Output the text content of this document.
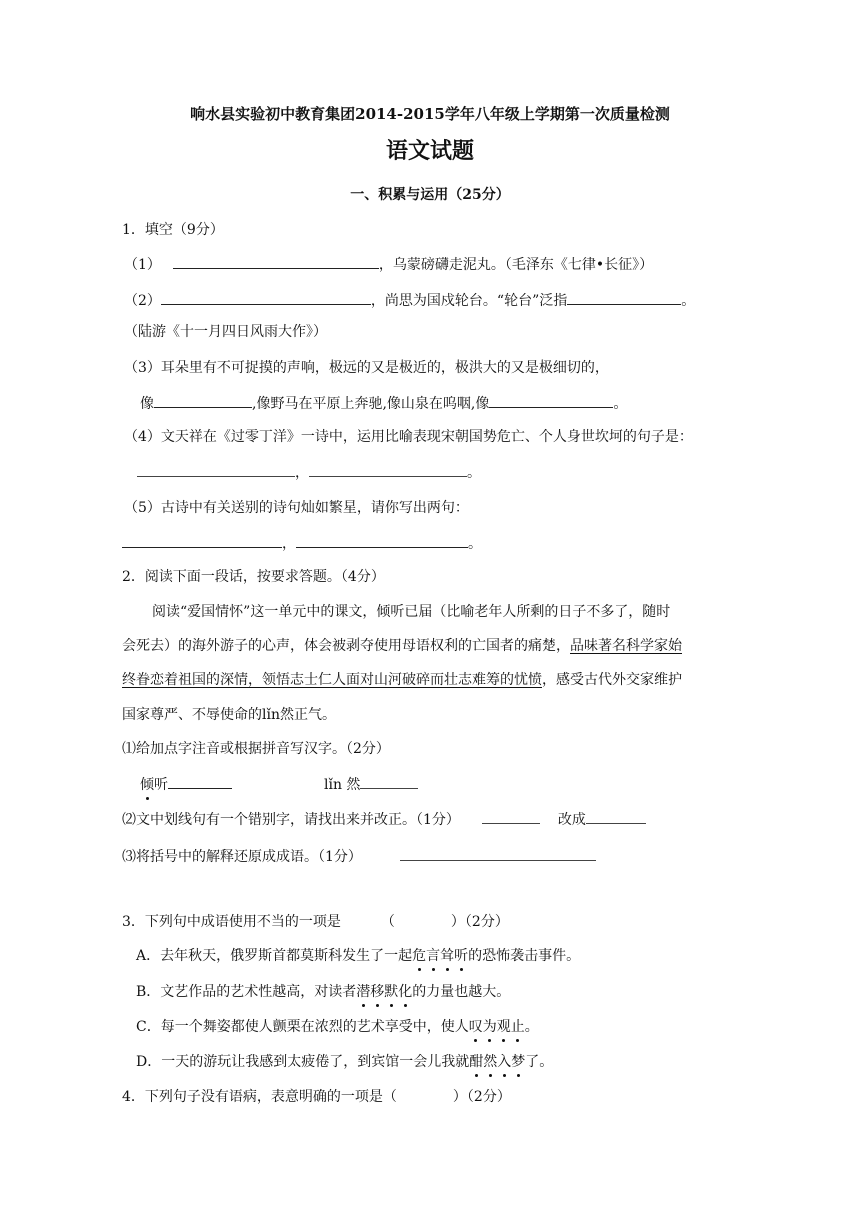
响水县实验初中教育集团2014-2015学年八年级上学期第一次质量检测
语文试题
一、积累与运用（25分）
1．填空（9分）
（1）	，乌蒙磅礴走泥丸。（毛泽东《七律•长征》）
（2）	，尚思为国戍轮台。“轮台”泛指	。
（陆游《十一月四日风雨大作》）
（3）耳朵里有不可捉摸的声响，极远的又是极近的，极洪大的又是极细切的，
像	,像野马在平原上奔驰,像山泉在呜咽,像	。
（4）文天祥在《过零丁洋》一诗中，运用比喻表现宋朝国势危亡、个人身世坎坷的句子是：
，	。
（5）古诗中有关送别的诗句灿如繁星，请你写出两句：
，	。
2．阅读下面一段话，按要求答题。（4分）
阅读“爱国情怀”这一单元中的课文，倾听已届（比喻老年人所剩的日子不多了，随时
会死去）的海外游子的心声，体会被剥夺使用母语权利的亡国者的痛楚，品味著名科学家始
终眷恋着祖国的深情，领悟志士仁人面对山河破碎而壮志难筹的忧愤，感受古代外交家维护
国家尊严、不辱使命的lǐn然正气。
⑴给加点字注音或根据拼音写汉字。（2分）
倾听	lǐn 然
⑵文中划线句有一个错别字，请找出来并改正。（1分）	改成
⑶将括号中的解释还原成成语。（1分）
3．下列句中成语使用不当的一项是	（　　　　）（2分）
A．去年秋天，俄罗斯首都莫斯科发生了一起危言耸听的恐怖袭击事件。
B．文艺作品的艺术性越高，对读者潜移默化的力量也越大。
C．每一个舞姿都使人颤栗在浓烈的艺术享受中，使人叹为观止。
D．一天的游玩让我感到太疲倦了，到宾馆一会儿我就酣然入梦了。
4．下列句子没有语病，表意明确的一项是（　　　　）（2分）
